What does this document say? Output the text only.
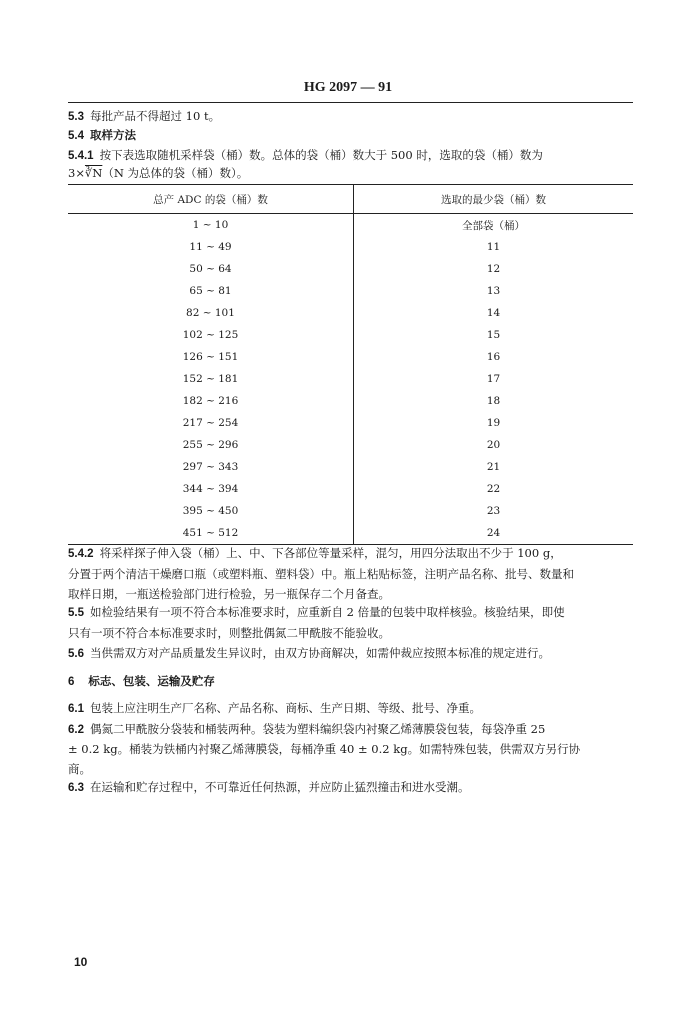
HG 2097 — 91
5.3 每批产品不得超过 10 t。
5.4 取样方法
5.4.1 按下表选取随机采样袋（桶）数。总体的袋（桶）数大于 500 时，选取的袋（桶）数为
3×∛N（N 为总体的袋（桶）数）。
总产 ADC 的袋（桶）数	选取的最少袋（桶）数
1 ~ 10	全部袋（桶）
11 ~ 49	11
50 ~ 64	12
65 ~ 81	13
82 ~ 101	14
102 ~ 125	15
126 ~ 151	16
152 ~ 181	17
182 ~ 216	18
217 ~ 254	19
255 ~ 296	20
297 ~ 343	21
344 ~ 394	22
395 ~ 450	23
451 ~ 512	24
5.4.2 将采样探子伸入袋（桶）上、中、下各部位等量采样，混匀，用四分法取出不少于 100 g，
分置于两个清洁干燥磨口瓶（或塑料瓶、塑料袋）中。瓶上粘贴标签，注明产品名称、批号、数量和
取样日期，一瓶送检验部门进行检验，另一瓶保存二个月备查。
5.5 如检验结果有一项不符合本标准要求时，应重新自 2 倍量的包装中取样核验。核验结果，即使
只有一项不符合本标准要求时，则整批偶氮二甲酰胺不能验收。
5.6 当供需双方对产品质量发生异议时，由双方协商解决，如需仲裁应按照本标准的规定进行。
6 标志、包装、运输及贮存
6.1 包装上应注明生产厂名称、产品名称、商标、生产日期、等级、批号、净重。
6.2 偶氮二甲酰胺分袋装和桶装两种。袋装为塑料编织袋内衬聚乙烯薄膜袋包装，每袋净重 25
± 0.2 kg。桶装为铁桶内衬聚乙烯薄膜袋，每桶净重 40 ± 0.2 kg。如需特殊包装，供需双方另行协
商。
6.3 在运输和贮存过程中，不可靠近任何热源，并应防止猛烈撞击和进水受潮。
10
